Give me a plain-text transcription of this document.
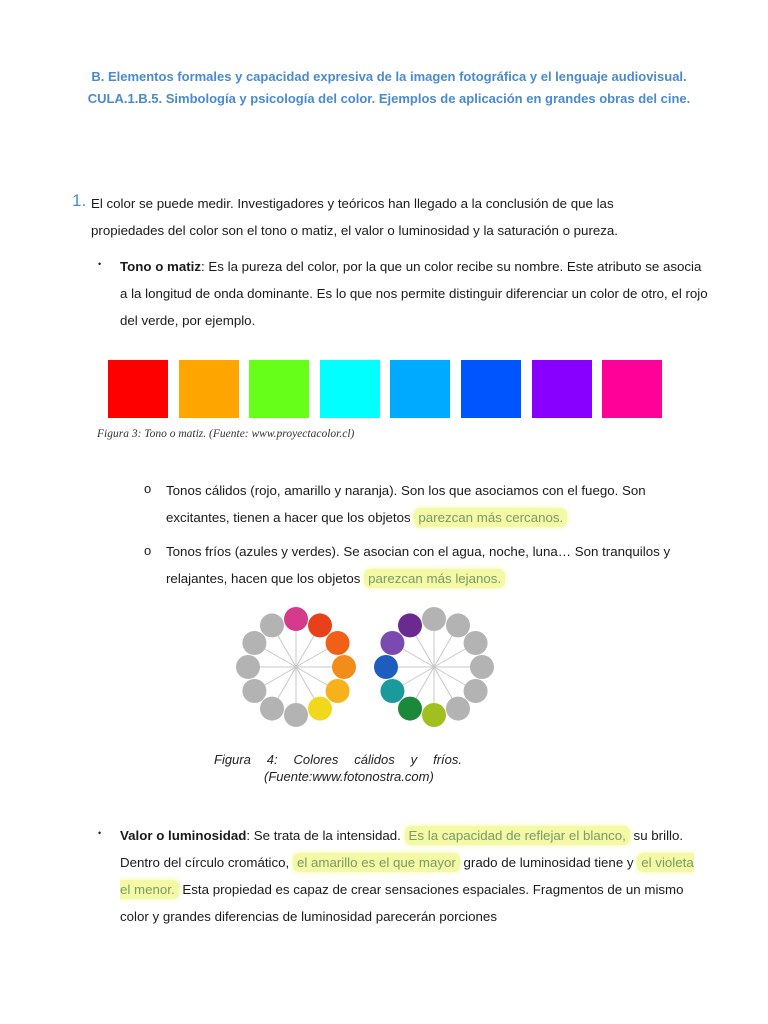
B. Elementos formales y capacidad expresiva de la imagen fotográfica y el lenguaje audiovisual.
CULA.1.B.5. Simbología y psicología del color. Ejemplos de aplicación en grandes obras del cine.
1. El color se puede medir. Investigadores y teóricos han llegado a la conclusión de que las
propiedades del color son el tono o matiz, el valor o luminosidad y la saturación o pureza.
• Tono o matiz: Es la pureza del color, por la que un color recibe su nombre. Este atributo se asocia a la longitud de onda dominante. Es lo que nos permite distinguir diferenciar un color de otro, el rojo del verde, por ejemplo.
Figura 3: Tono o matiz. (Fuente: www.proyectacolor.cl)
o Tonos cálidos (rojo, amarillo y naranja). Son los que asociamos con el fuego. Son
excitantes, tienen a hacer que los objetos parezcan más cercanos.
o Tonos fríos (azules y verdes). Se asocian con el agua, noche, luna… Son tranquilos y
relajantes, hacen que los objetos parezcan más lejanos.
Figura 4: Colores cálidos y fríos.
(Fuente:www.fotonostra.com)
• Valor o luminosidad: Se trata de la intensidad. Es la capacidad de reflejar el blanco, su brillo. Dentro del círculo cromático, el amarillo es el que mayor grado de luminosidad tiene y el violeta el menor. Esta propiedad es capaz de crear sensaciones espaciales. Fragmentos de un mismo color y grandes diferencias de luminosidad parecerán porciones
